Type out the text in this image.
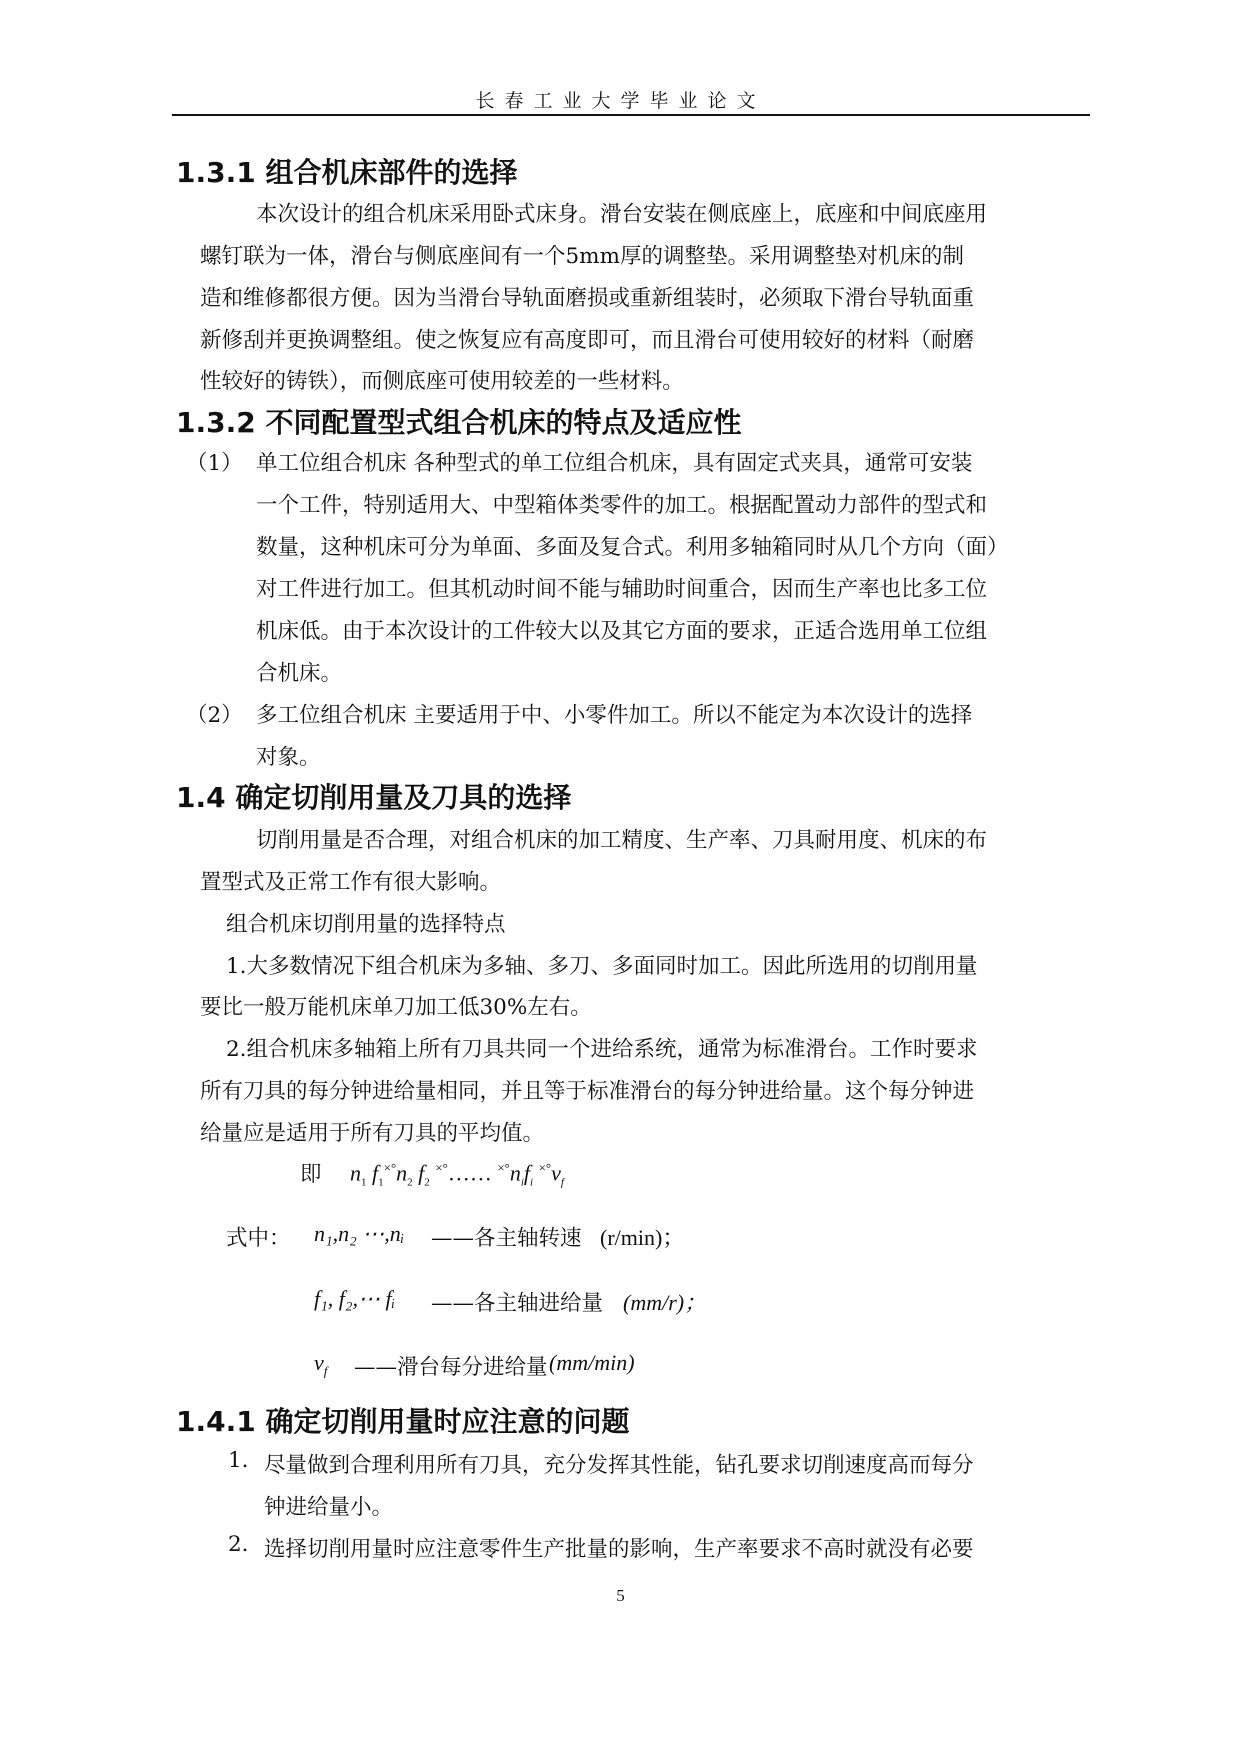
长春工业大学毕业论文
1.3.1 组合机床部件的选择
本次设计的组合机床采用卧式床身。滑台安装在侧底座上，底座和中间底座用
螺钉联为一体，滑台与侧底座间有一个5mm厚的调整垫。采用调整垫对机床的制
造和维修都很方便。因为当滑台导轨面磨损或重新组装时，必须取下滑台导轨面重
新修刮并更换调整组。使之恢复应有高度即可，而且滑台可使用较好的材料（耐磨
性较好的铸铁），而侧底座可使用较差的一些材料。
1.3.2 不同配置型式组合机床的特点及适应性
（1） 单工位组合机床 各种型式的单工位组合机床，具有固定式夹具，通常可安装
一个工件，特别适用大、中型箱体类零件的加工。根据配置动力部件的型式和
数量，这种机床可分为单面、多面及复合式。利用多轴箱同时从几个方向（面）
对工件进行加工。但其机动时间不能与辅助时间重合，因而生产率也比多工位
机床低。由于本次设计的工件较大以及其它方面的要求，正适合选用单工位组
合机床。
（2） 多工位组合机床 主要适用于中、小零件加工。所以不能定为本次设计的选择
对象。
1.4 确定切削用量及刀具的选择
切削用量是否合理，对组合机床的加工精度、生产率、刀具耐用度、机床的布
置型式及正常工作有很大影响。
组合机床切削用量的选择特点
1.大多数情况下组合机床为多轴、多刀、多面同时加工。因此所选用的切削用量
要比一般万能机床单刀加工低30%左右。
2.组合机床多轴箱上所有刀具共同一个进给系统，通常为标准滑台。工作时要求
所有刀具的每分钟进给量相同，并且等于标准滑台的每分钟进给量。这个每分钟进
给量应是适用于所有刀具的平均值。
即 $n_1$ $f_1^{\times^\circ}n_2$ $f_2$ ×°…… $^{\times^\circ}n_if_i$ $^{\times^\circ}v_f$
式中： n₁,n₂ ⋯,nᵢ ——各主轴转速 (r/min)；
f₁, f₂,⋯ fᵢ ——各主轴进给量 (mm/r)；
$v_f$ ——滑台每分进给量 (mm/min)
1.4.1 确定切削用量时应注意的问题
1. 尽量做到合理利用所有刀具，充分发挥其性能，钻孔要求切削速度高而每分
钟进给量小。
2. 选择切削用量时应注意零件生产批量的影响，生产率要求不高时就没有必要
5
